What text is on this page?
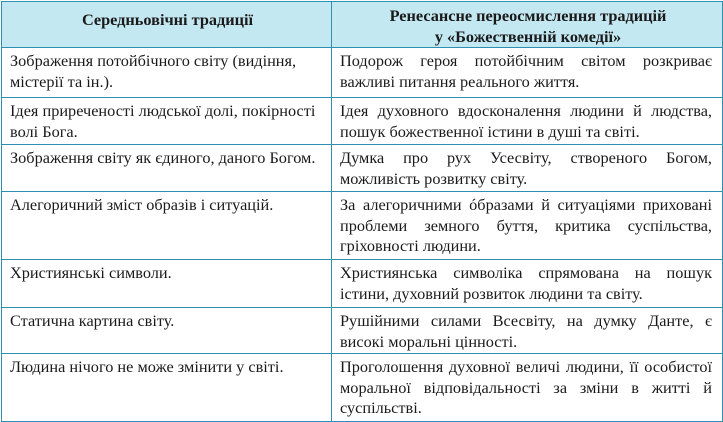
Середньовічні традиції	Ренесансне переосмислення традицій
у «Божественній комедії»
Зображення потойбічного світу (видіння, містерії та ін.).	Подорож героя потойбічним світом розкриває важливі питання реального життя.
Ідея приреченості людської долі, покірності волі Бога.	Ідея духовного вдосконалення людини й людства, пошук божественної істини в душі та світі.
Зображення світу як єдиного, даного Богом.	Думка про рух Усесвіту, створеного Богом, можливість розвитку світу.
Алегоричний зміст образів і ситуацій.	За алегоричними óбразами й ситуаціями приховані проблеми земного буття, критика суспільства, гріховності людини.
Християнські символи.	Християнська символіка спрямована на пошук істини, духовний розвиток людини та світу.
Статична картина світу.	Рушійними силами Всесвіту, на думку Данте, є високі моральні цінності.
Людина нічого не може змінити у світі.	Проголошення духовної величі людини, її особистої моральної відповідальності за зміни в житті й суспільстві.
